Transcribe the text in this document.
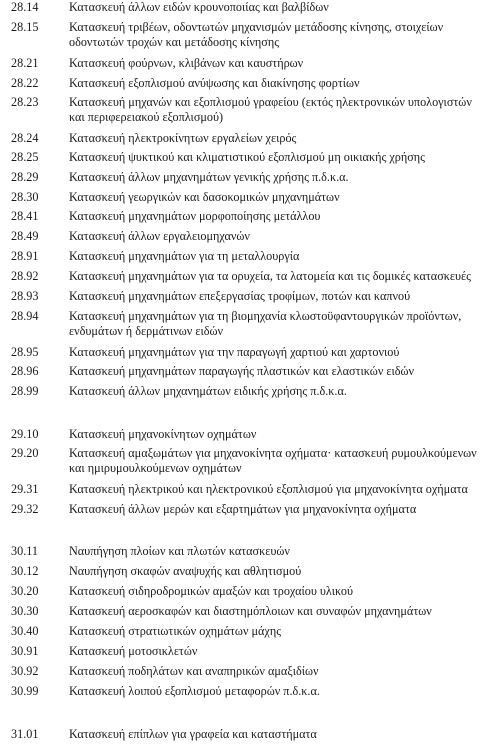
28.14	Κατασκευή άλλων ειδών κρουνοποιίας και βαλβίδων
28.15	Κατασκευή τριβέων, οδοντωτών μηχανισμών μετάδοσης κίνησης, στοιχείων οδοντωτών τροχών και μετάδοσης κίνησης
28.21	Κατασκευή φούρνων, κλιβάνων και καυστήρων
28.22	Κατασκευή εξοπλισμού ανύψωσης και διακίνησης φορτίων
28.23	Κατασκευή μηχανών και εξοπλισμού γραφείου (εκτός ηλεκτρονικών υπολογιστών και περιφερειακού εξοπλισμού)
28.24	Κατασκευή ηλεκτροκίνητων εργαλείων χειρός
28.25	Κατασκευή ψυκτικού και κλιματιστικού εξοπλισμού μη οικιακής χρήσης
28.29	Κατασκευή άλλων μηχανημάτων γενικής χρήσης π.δ.κ.α.
28.30	Κατασκευή γεωργικών και δασοκομικών μηχανημάτων
28.41	Κατασκευή μηχανημάτων μορφοποίησης μετάλλου
28.49	Κατασκευή άλλων εργαλειομηχανών
28.91	Κατασκευή μηχανημάτων για τη μεταλλουργία
28.92	Κατασκευή μηχανημάτων για τα ορυχεία, τα λατομεία και τις δομικές κατασκευές
28.93	Κατασκευή μηχανημάτων επεξεργασίας τροφίμων, ποτών και καπνού
28.94	Κατασκευή μηχανημάτων για τη βιομηχανία κλωστοϋφαντουργικών προϊόντων, ενδυμάτων ή δερμάτινων ειδών
28.95	Κατασκευή μηχανημάτων για την παραγωγή χαρτιού και χαρτονιού
28.96	Κατασκευή μηχανημάτων παραγωγής πλαστικών και ελαστικών ειδών
28.99	Κατασκευή άλλων μηχανημάτων ειδικής χρήσης π.δ.κ.α.
29.10	Κατασκευή μηχανοκίνητων οχημάτων
29.20	Κατασκευή αμαξωμάτων για μηχανοκίνητα οχήματα· κατασκευή ρυμουλκούμενων και ημιρυμουλκούμενων οχημάτων
29.31	Κατασκευή ηλεκτρικού και ηλεκτρονικού εξοπλισμού για μηχανοκίνητα οχήματα
29.32	Κατασκευή άλλων μερών και εξαρτημάτων για μηχανοκίνητα οχήματα
30.11	Ναυπήγηση πλοίων και πλωτών κατασκευών
30.12	Ναυπήγηση σκαφών αναψυχής και αθλητισμού
30.20	Κατασκευή σιδηροδρομικών αμαξών και τροχαίου υλικού
30.30	Κατασκευή αεροσκαφών και διαστημόπλοιων και συναφών μηχανημάτων
30.40	Κατασκευή στρατιωτικών οχημάτων μάχης
30.91	Κατασκευή μοτοσικλετών
30.92	Κατασκευή ποδηλάτων και αναπηρικών αμαξιδίων
30.99	Κατασκευή λοιπού εξοπλισμού μεταφορών π.δ.κ.α.
31.01	Κατασκευή επίπλων για γραφεία και καταστήματα
